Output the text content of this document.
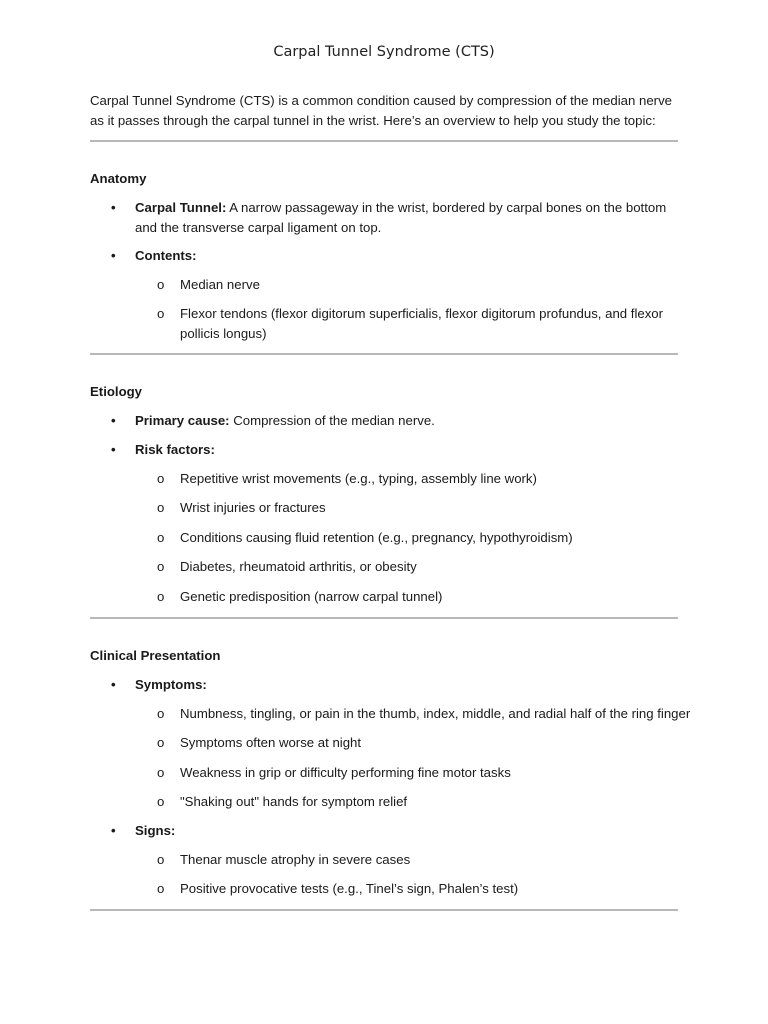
Carpal Tunnel Syndrome (CTS)
Carpal Tunnel Syndrome (CTS) is a common condition caused by compression of the median nerve as it passes through the carpal tunnel in the wrist. Here’s an overview to help you study the topic:
Anatomy
• Carpal Tunnel: A narrow passageway in the wrist, bordered by carpal bones on the bottom and the transverse carpal ligament on top.
• Contents:
o Median nerve
o Flexor tendons (flexor digitorum superficialis, flexor digitorum profundus, and flexor pollicis longus)
Etiology
• Primary cause: Compression of the median nerve.
• Risk factors:
o Repetitive wrist movements (e.g., typing, assembly line work)
o Wrist injuries or fractures
o Conditions causing fluid retention (e.g., pregnancy, hypothyroidism)
o Diabetes, rheumatoid arthritis, or obesity
o Genetic predisposition (narrow carpal tunnel)
Clinical Presentation
• Symptoms:
o Numbness, tingling, or pain in the thumb, index, middle, and radial half of the ring finger
o Symptoms often worse at night
o Weakness in grip or difficulty performing fine motor tasks
o "Shaking out" hands for symptom relief
• Signs:
o Thenar muscle atrophy in severe cases
o Positive provocative tests (e.g., Tinel’s sign, Phalen’s test)
